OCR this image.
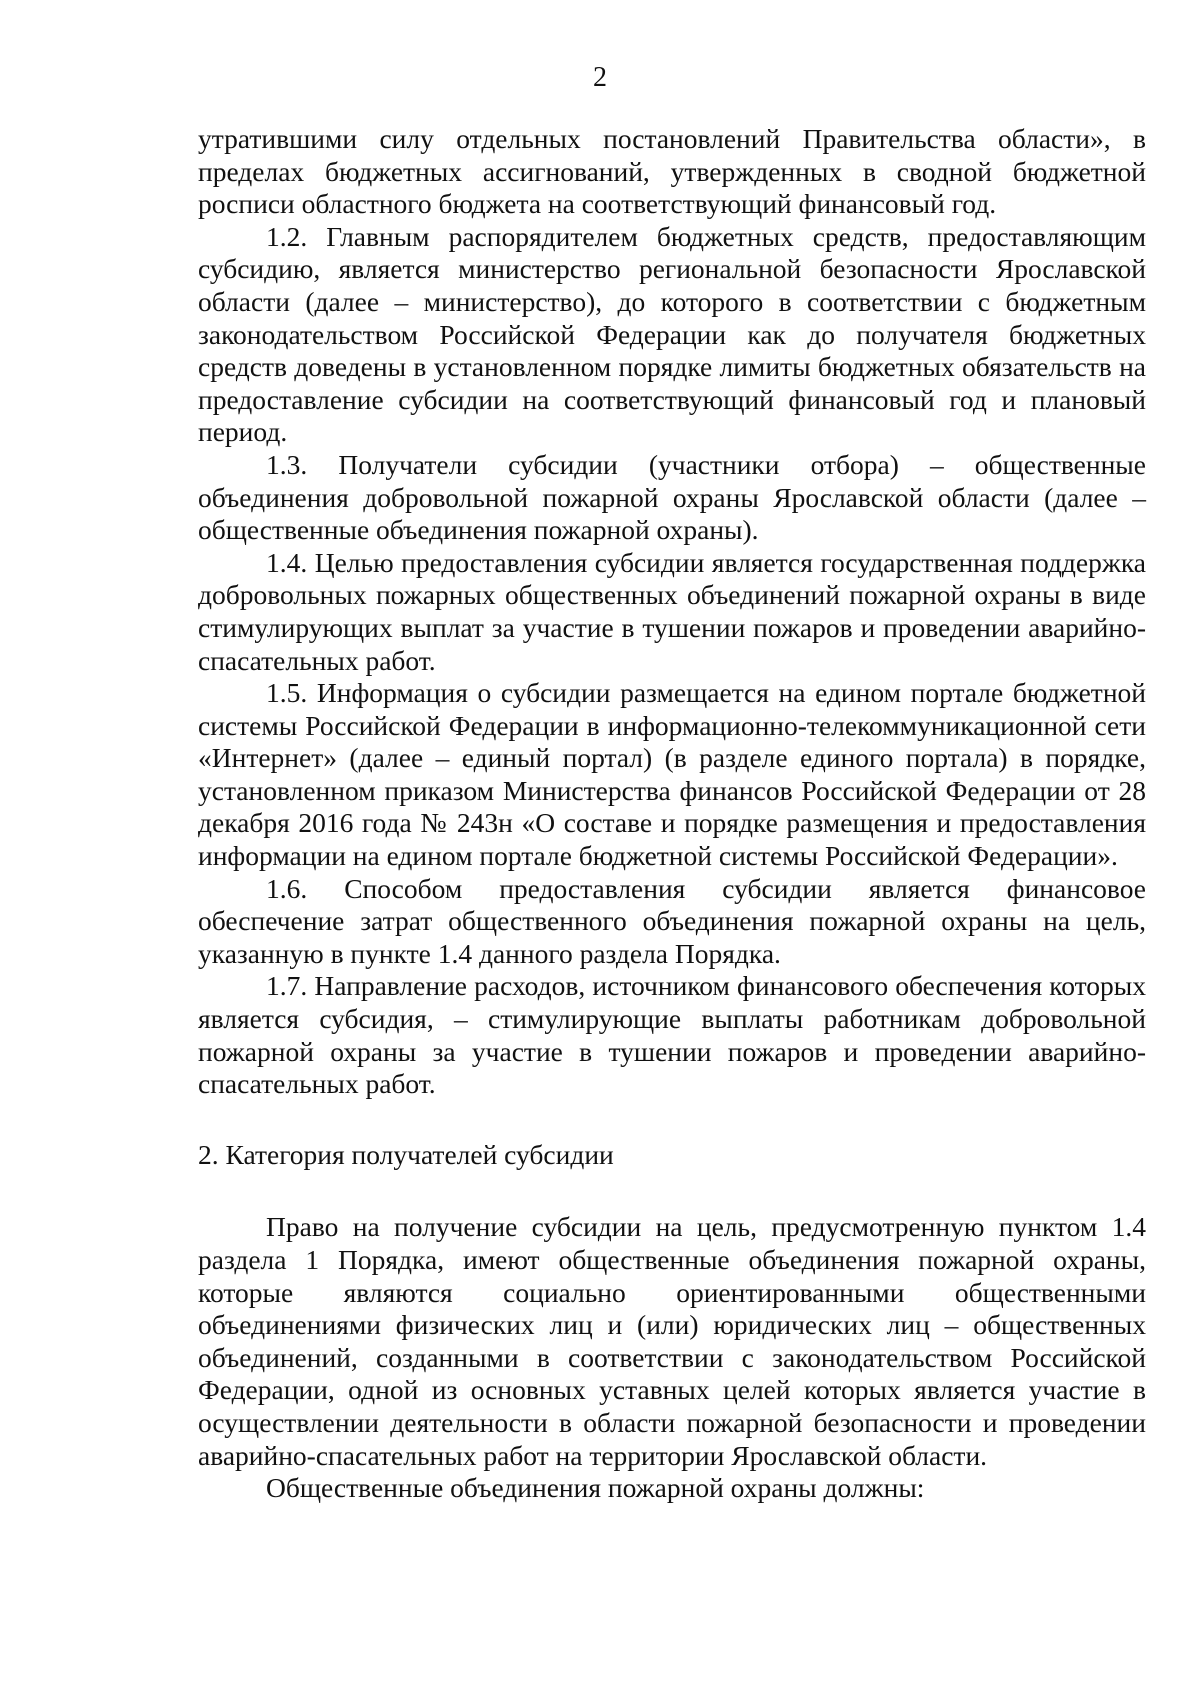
2

утратившими силу отдельных постановлений Правительства области», в пределах бюджетных ассигнований, утвержденных в сводной бюджетной росписи областного бюджета на соответствующий финансовый год.

1.2. Главным распорядителем бюджетных средств, предоставляющим субсидию, является министерство региональной безопасности Ярославской области (далее – министерство), до которого в соответствии с бюджетным законодательством Российской Федерации как до получателя бюджетных средств доведены в установленном порядке лимиты бюджетных обязательств на предоставление субсидии на соответствующий финансовый год и плановый период.

1.3. Получатели субсидии (участники отбора) – общественные объединения добровольной пожарной охраны Ярославской области (далее – общественные объединения пожарной охраны).

1.4. Целью предоставления субсидии является государственная поддержка добровольных пожарных общественных объединений пожарной охраны в виде стимулирующих выплат за участие в тушении пожаров и проведении аварийно-спасательных работ.

1.5. Информация о субсидии размещается на едином портале бюджетной системы Российской Федерации в информационно-телекоммуникационной сети «Интернет» (далее – единый портал) (в разделе единого портала) в порядке, установленном приказом Министерства финансов Российской Федерации от 28 декабря 2016 года № 243н «О составе и порядке размещения и предоставления информации на едином портале бюджетной системы Российской Федерации».

1.6. Способом предоставления субсидии является финансовое обеспечение затрат общественного объединения пожарной охраны на цель, указанную в пункте 1.4 данного раздела Порядка.

1.7. Направление расходов, источником финансового обеспечения которых является субсидия, – стимулирующие выплаты работникам добровольной пожарной охраны за участие в тушении пожаров и проведении аварийно-спасательных работ.

2. Категория получателей субсидии

Право на получение субсидии на цель, предусмотренную пунктом 1.4 раздела 1 Порядка, имеют общественные объединения пожарной охраны, которые являются социально ориентированными общественными объединениями физических лиц и (или) юридических лиц – общественных объединений, созданными в соответствии с законодательством Российской Федерации, одной из основных уставных целей которых является участие в осуществлении деятельности в области пожарной безопасности и проведении аварийно-спасательных работ на территории Ярославской области.

Общественные объединения пожарной охраны должны:
